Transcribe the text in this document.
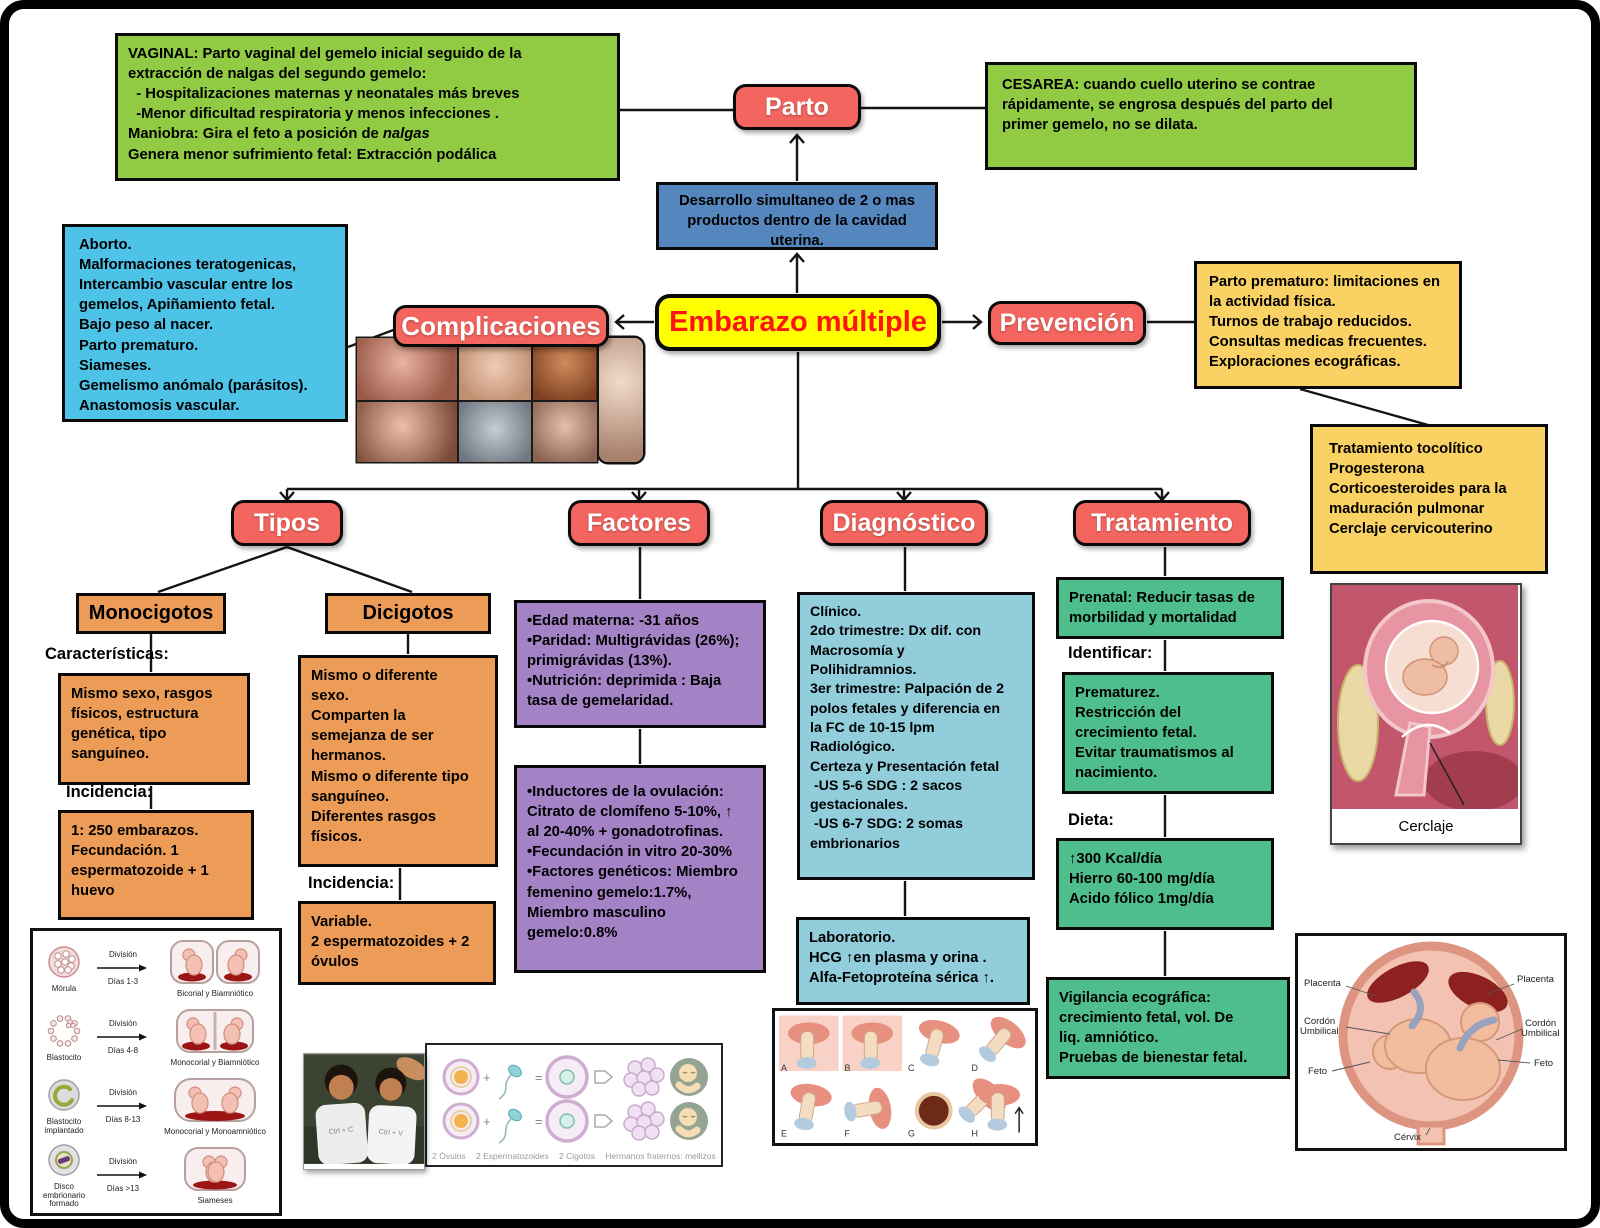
VAGINAL: Parto vaginal del gemelo inicial seguido de la
extracción de nalgas del segundo gemelo:
- Hospitalizaciones maternas y neonatales más breves
-Menor dificultad respiratoria y menos infecciones .
Maniobra: Gira el feto a posición de nalgas
Genera menor sufrimiento fetal: Extracción podálica
Parto
CESAREA: cuando cuello uterino se contrae
rápidamente, se engrosa después del parto del
primer gemelo, no se dilata.
Desarrollo simultaneo de 2 o mas
productos dentro de la cavidad
uterina.
Aborto.
Malformaciones teratogenicas,
Intercambio vascular entre los
gemelos, Apiñamiento fetal.
Bajo peso al nacer.
Parto prematuro.
Siameses.
Gemelismo anómalo (parásitos).
Anastomosis vascular.
Complicaciones	Embarazo múltiple	Prevención
Parto prematuro: limitaciones en
la actividad física.
Turnos de trabajo reducidos.
Consultas medicas frecuentes.
Exploraciones ecográficas.
Tratamiento tocolítico
Progesterona
Corticoesteroides para la
maduración pulmonar
Cerclaje cervicouterino
Tipos	Factores	Diagnóstico	Tratamiento
Monocigotos	Dicigotos
Características:
Mismo sexo, rasgos
físicos, estructura
genética, tipo
sanguíneo.
Incidencia:
1: 250 embarazos.
Fecundación. 1
espermatozoide + 1
huevo
Mismo o diferente
sexo.
Comparten la
semejanza de ser
hermanos.
Mismo o diferente tipo
sanguíneo.
Diferentes rasgos
físicos.
Incidencia:
Variable.
2 espermatozoides + 2
óvulos
•Edad materna: -31 años
•Paridad: Multigrávidas (26%);
primigrávidas (13%).
•Nutrición: deprimida : Baja
tasa de gemelaridad.
•Inductores de la ovulación:
Citrato de clomífeno 5-10%, ↑
al 20-40% + gonadotrofinas.
•Fecundación in vitro 20-30%
•Factores genéticos: Miembro
femenino gemelo:1.7%,
Miembro masculino
gemelo:0.8%
Clínico.
2do trimestre: Dx dif. con
Macrosomía y
Polihidramnios.
3er trimestre: Palpación de 2
polos fetales y diferencia en
la FC de 10-15 lpm
Radiológico.
Certeza y Presentación fetal
-US 5-6 SDG : 2 sacos
gestacionales.
-US 6-7 SDG: 2 somas
embrionarios
Laboratorio.
HCG ↑en plasma y orina .
Alfa-Fetoproteína sérica ↑.
Prenatal: Reducir tasas de
morbilidad y mortalidad
Identificar:
Prematurez.
Restricción del
crecimiento fetal.
Evitar traumatismos al
nacimiento.
Dieta:
↑300 Kcal/día
Hierro 60-100 mg/día
Acido fólico 1mg/día
Vigilancia ecográfica:
crecimiento fetal, vol. De
liq. amniótico.
Pruebas de bienestar fetal.
Cerclaje
Mórula
División
Días 1-3
Bicorial y Biamniótico
Blastocito
División
Días 4-8
Monocorial y Biamniótico
Blastocito implantado
División
Días 8-13
Monocorial y Monoamniótico
Disco embrionario formado
División
Días >13
Siameses
Ctrl + C	Ctrl + V
+	=
+	=
2 Óvulos 2 Espermatozoides 2 Cigotos Hermanos fraternos: mellizos
A	B	C	D
E	F	G	H
Placenta
Cordón
Umbilical
Feto
Placenta
Cordón
Umbilical
Feto
Cérvix
